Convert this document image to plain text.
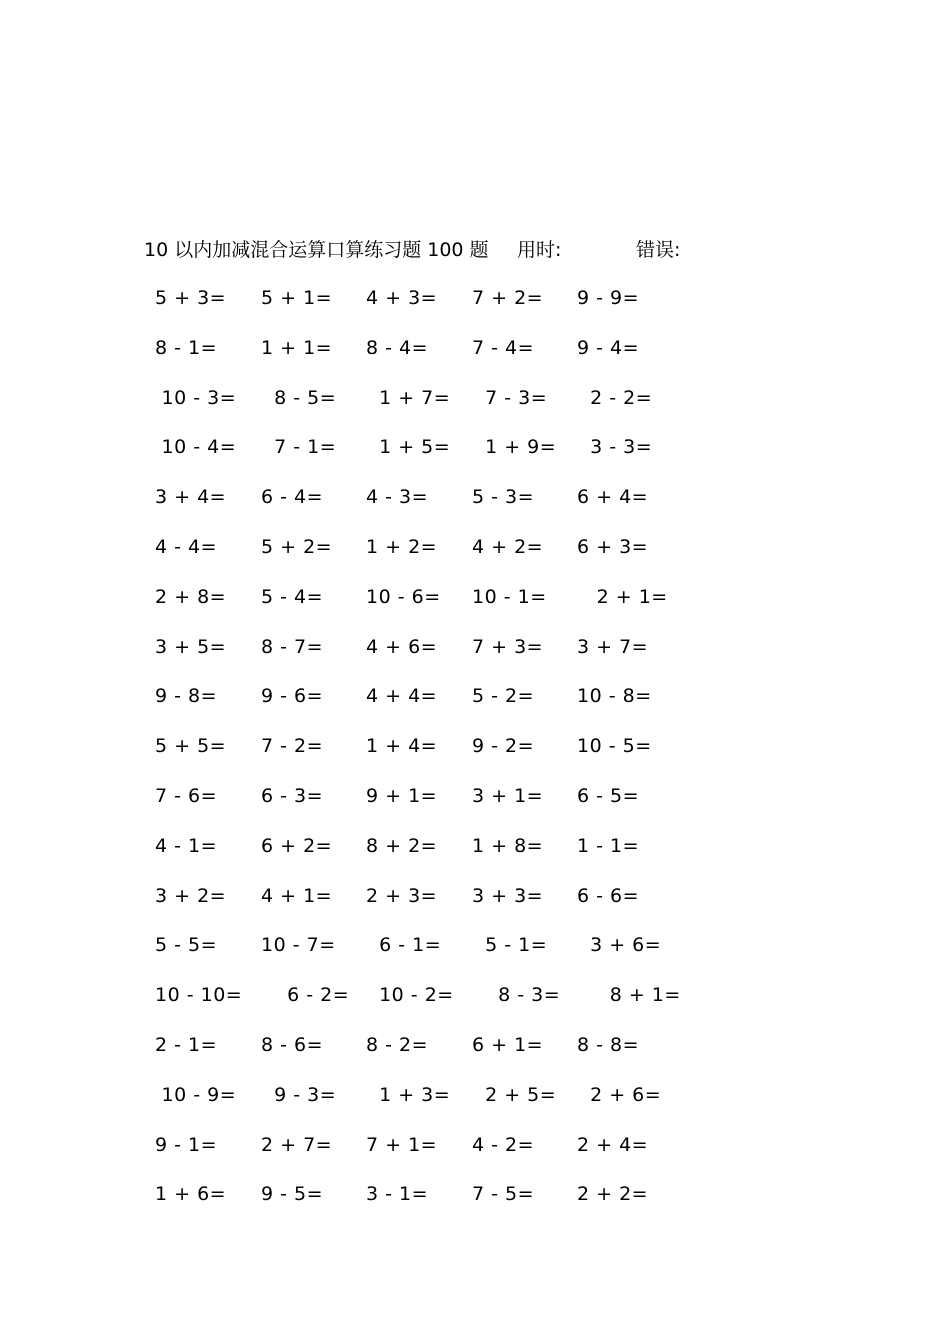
10 以内加减混合运算口算练习题 100 题 用时:	错误:
5 + 3= 5 + 1= 4 + 3= 7 + 2= 9 - 9=
8 - 1= 1 + 1= 8 - 4= 7 - 4= 9 - 4=
10 - 3= 8 - 5= 1 + 7= 7 - 3= 2 - 2=
10 - 4= 7 - 1= 1 + 5= 1 + 9= 3 - 3=
3 + 4= 6 - 4= 4 - 3= 5 - 3= 6 + 4=
4 - 4= 5 + 2= 1 + 2= 4 + 2= 6 + 3=
2 + 8= 5 - 4= 10 - 6= 10 - 1= 2 + 1=
3 + 5= 8 - 7= 4 + 6= 7 + 3= 3 + 7=
9 - 8= 9 - 6= 4 + 4= 5 - 2= 10 - 8=
5 + 5= 7 - 2= 1 + 4= 9 - 2= 10 - 5=
7 - 6= 6 - 3= 9 + 1= 3 + 1= 6 - 5=
4 - 1= 6 + 2= 8 + 2= 1 + 8= 1 - 1=
3 + 2= 4 + 1= 2 + 3= 3 + 3= 6 - 6=
5 - 5= 10 - 7= 6 - 1= 5 - 1= 3 + 6=
10 - 10= 6 - 2= 10 - 2= 8 - 3= 8 + 1=
2 - 1= 8 - 6= 8 - 2= 6 + 1= 8 - 8=
10 - 9= 9 - 3= 1 + 3= 2 + 5= 2 + 6=
9 - 1= 2 + 7= 7 + 1= 4 - 2= 2 + 4=
1 + 6= 9 - 5= 3 - 1= 7 - 5= 2 + 2=
